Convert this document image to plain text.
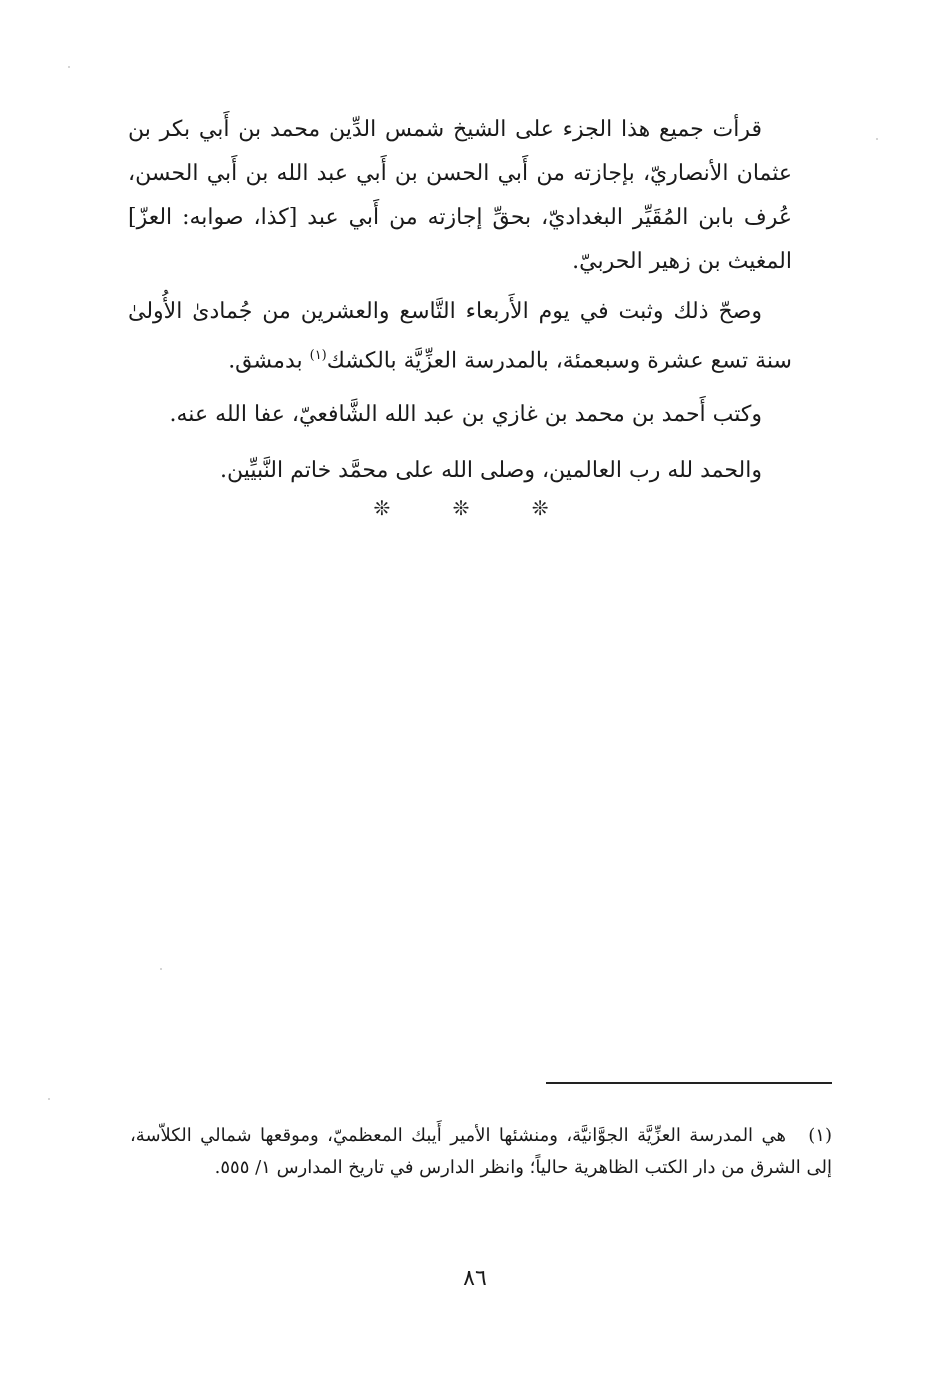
قرأت جميع هذا الجزء على الشيخ شمس الدِّين محمد بن أَبي بكر بن عثمان الأنصاريّ، بإجازته من أَبي الحسن بن أَبي عبد الله بن أَبي الحسن، عُرف بابن المُقَيِّر البغداديّ، بحقِّ إجازته من أَبي عبد [كذا، صوابه: العزّ] المغيث بن زهير الحربيّ.

وصحّ ذلك وثبت في يوم الأَربعاء التَّاسع والعشرين من جُمادىٰ الأُولىٰ سنة تسع عشرة وسبعمئة، بالمدرسة العزِّيَّة بالكشك$^{(١)}$ بدمشق.

وكتب أَحمد بن محمد بن غازي بن عبد الله الشَّافعيّ، عفا الله عنه.

والحمد لله رب العالمين، وصلى الله على محمَّد خاتم النَّبيِّين.

❊ ❊ ❊
(١)هي المدرسة العزِّيَّة الجوَّانيَّة، ومنشئها الأمير أَيبك المعظميّ، وموقعها شمالي الكلاّسة، إلى الشرق من دار الكتب الظاهرية حالياً؛ وانظر الدارس في تاريخ المدارس ١/ ٥٥٥.
٨٦
